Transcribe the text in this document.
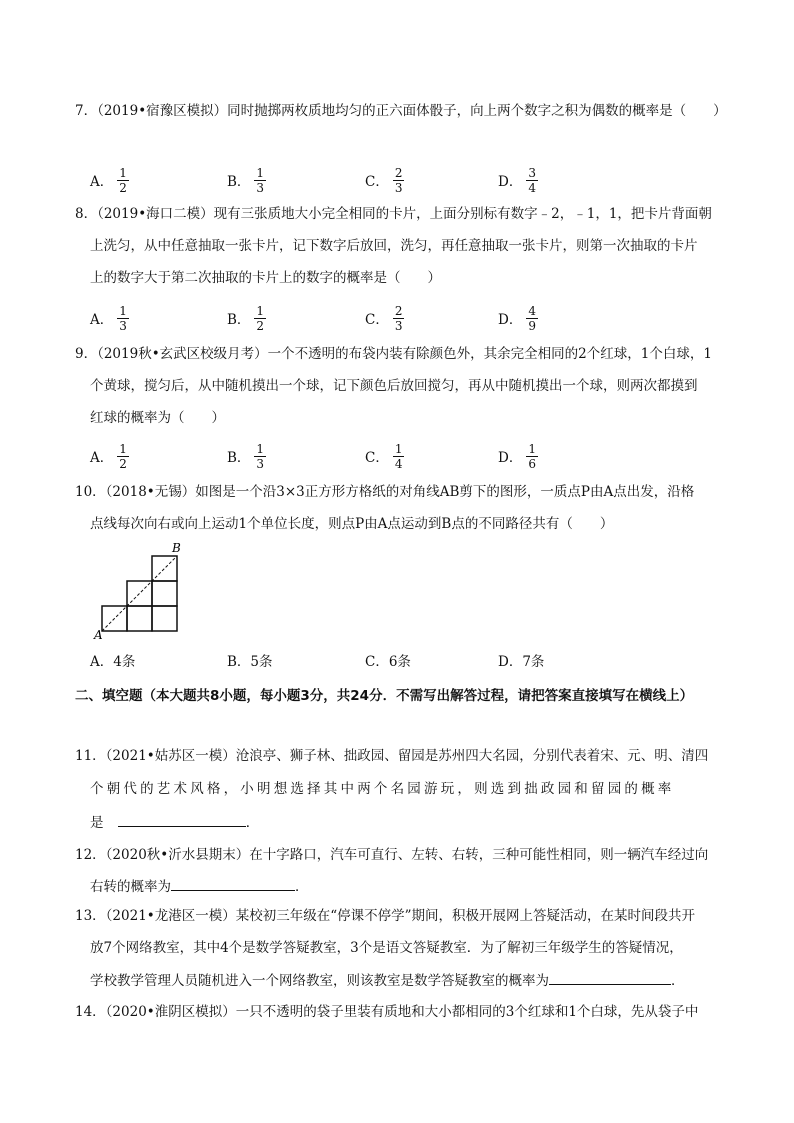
7．（2019•宿豫区模拟）同时抛掷两枚质地均匀的正六面体骰子，向上两个数字之积为偶数的概率是（　　）
A． $\frac{1}{2}$	B． $\frac{1}{3}$	C． $\frac{2}{3}$	D． $\frac{3}{4}$
8．（2019•海口二模）现有三张质地大小完全相同的卡片，上面分别标有数字﹣2，﹣1，1，把卡片背面朝
上洗匀，从中任意抽取一张卡片，记下数字后放回，洗匀，再任意抽取一张卡片，则第一次抽取的卡片
上的数字大于第二次抽取的卡片上的数字的概率是（　　）
A． $\frac{1}{3}$	B． $\frac{1}{2}$	C． $\frac{2}{3}$	D． $\frac{4}{9}$
9．（2019秋•玄武区校级月考）一个不透明的布袋内装有除颜色外，其余完全相同的2个红球，1个白球，1
个黄球，搅匀后，从中随机摸出一个球，记下颜色后放回搅匀，再从中随机摸出一个球，则两次都摸到
红球的概率为（　　）
A． $\frac{1}{2}$	B． $\frac{1}{3}$	C． $\frac{1}{4}$	D． $\frac{1}{6}$
10．（2018•无锡）如图是一个沿3×3正方形方格纸的对角线AB剪下的图形，一质点P由A点出发，沿格
点线每次向右或向上运动1个单位长度，则点P由A点运动到B点的不同路径共有（　　）
A
B
A．4条	B．5条	C．6条	D．7条
二、填空题（本大题共8小题，每小题3分，共24分．不需写出解答过程，请把答案直接填写在横线上）
11．（2021•姑苏区一模）沧浪亭、狮子林、拙政园、留园是苏州四大名园，分别代表着宋、元、明、清四
个朝代的艺术风格，小明想选择其中两个名园游玩，则选到拙政园和留园的概率
是	．
12．（2020秋•沂水县期末）在十字路口，汽车可直行、左转、右转，三种可能性相同，则一辆汽车经过向
右转的概率为	．
13．（2021•龙港区一模）某校初三年级在“停课不停学”期间，积极开展网上答疑活动，在某时间段共开
放7个网络教室，其中4个是数学答疑教室，3个是语文答疑教室．为了解初三年级学生的答疑情况，
学校教学管理人员随机进入一个网络教室，则该教室是数学答疑教室的概率为	．
14．（2020•淮阴区模拟）一只不透明的袋子里装有质地和大小都相同的3个红球和1个白球，先从袋子中
